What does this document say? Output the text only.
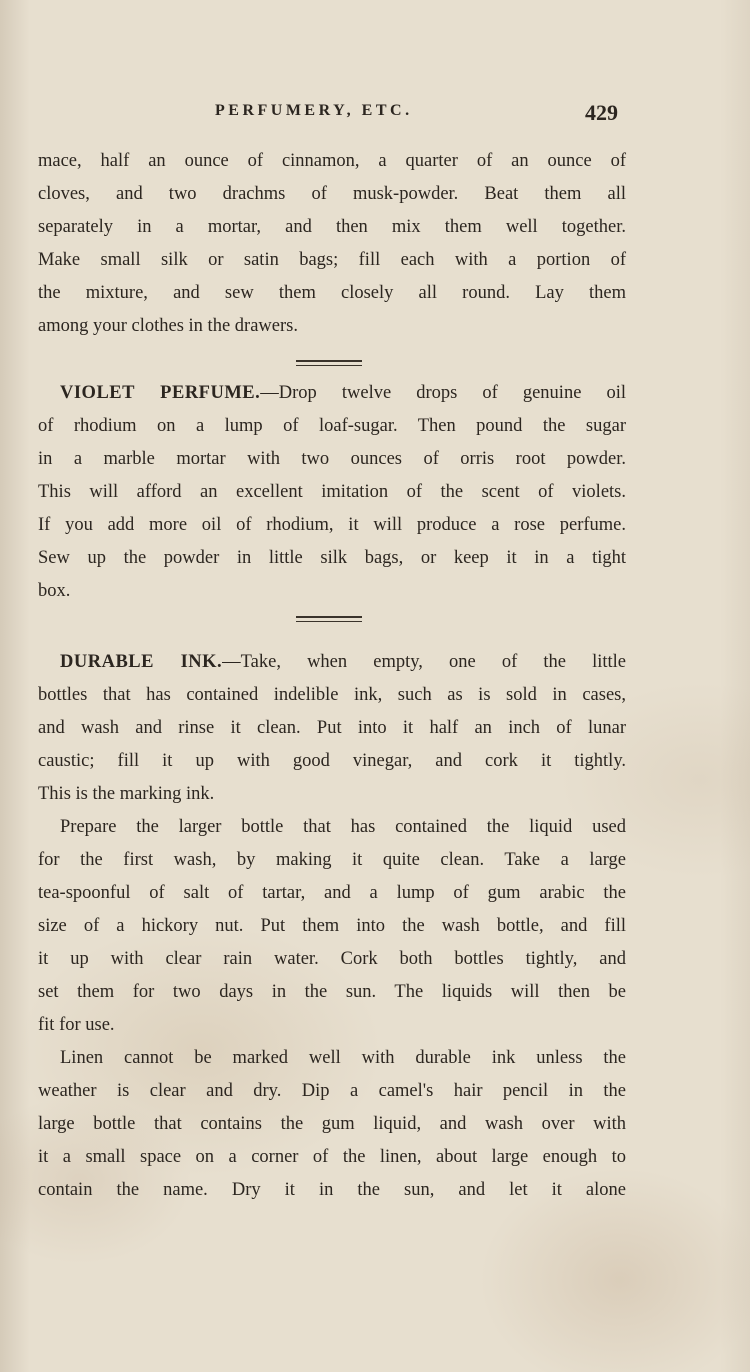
PERFUMERY, ETC.	429
mace, half an ounce of cinnamon, a quarter of an ounce of
cloves, and two drachms of musk-powder. Beat them all
separately in a mortar, and then mix them well together.
Make small silk or satin bags; fill each with a portion of
the mixture, and sew them closely all round. Lay them
among your clothes in the drawers.
VIOLET PERFUME.—Drop twelve drops of genuine oil
of rhodium on a lump of loaf-sugar. Then pound the sugar
in a marble mortar with two ounces of orris root powder.
This will afford an excellent imitation of the scent of violets.
If you add more oil of rhodium, it will produce a rose perfume.
Sew up the powder in little silk bags, or keep it in a tight
box.
DURABLE INK.—Take, when empty, one of the little
bottles that has contained indelible ink, such as is sold in cases,
and wash and rinse it clean. Put into it half an inch of lunar
caustic; fill it up with good vinegar, and cork it tightly.
This is the marking ink.
Prepare the larger bottle that has contained the liquid used
for the first wash, by making it quite clean. Take a large
tea-spoonful of salt of tartar, and a lump of gum arabic the
size of a hickory nut. Put them into the wash bottle, and fill
it up with clear rain water. Cork both bottles tightly, and
set them for two days in the sun. The liquids will then be
fit for use.
Linen cannot be marked well with durable ink unless the
weather is clear and dry. Dip a camel's hair pencil in the
large bottle that contains the gum liquid, and wash over with
it a small space on a corner of the linen, about large enough to
contain the name. Dry it in the sun, and let it alone
